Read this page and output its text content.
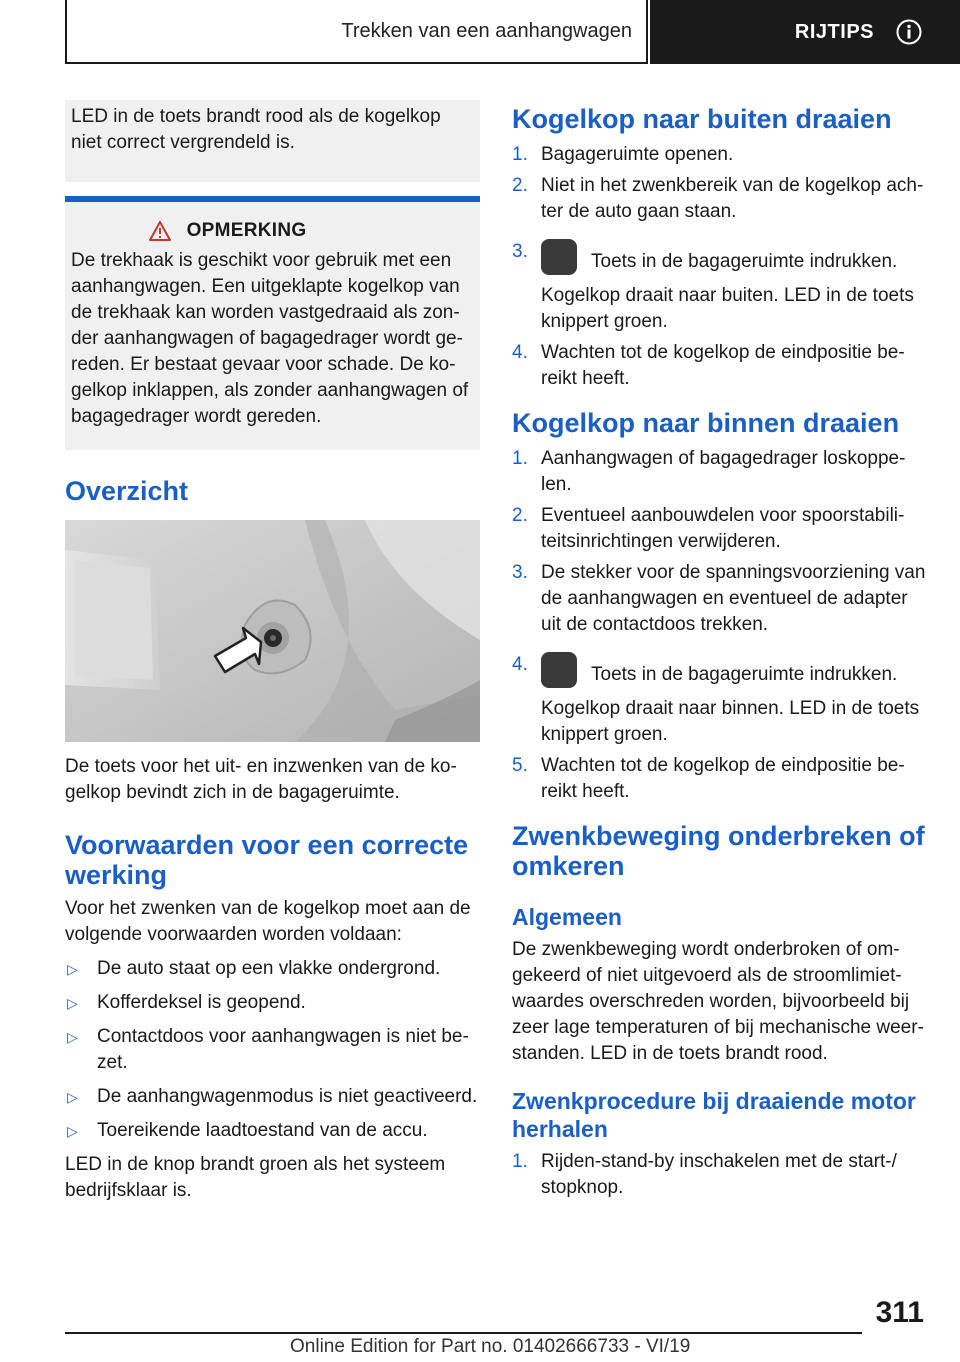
Trekken van een aanhangwagen	RIJTIPS

LED in de toets brandt rood als de kogelkop niet correct vergrendeld is.

OPMERKING

De trekhaak is geschikt voor gebruik met een aanhangwagen. Een uitgeklapte kogelkop van de trekhaak kan worden vastgedraaid als zonder aanhangwagen of bagagedrager wordt gereden. Er bestaat gevaar voor schade. De kogelkop inklappen, als zonder aanhangwagen of bagagedrager wordt gereden.

Overzicht

De toets voor het uit- en inzwenken van de kogelkop bevindt zich in de bagageruimte.

Voorwaarden voor een correcte werking

Voor het zwenken van de kogelkop moet aan de volgende voorwaarden worden voldaan:

▷	De auto staat op een vlakke ondergrond.
▷	Kofferdeksel is geopend.
▷	Contactdoos voor aanhangwagen is niet bezet.
▷	De aanhangwagenmodus is niet geactiveerd.
▷	Toereikende laadtoestand van de accu.

LED in de knop brandt groen als het systeem bedrijfsklaar is.

Kogelkop naar buiten draaien
1. Bagageruimte openen.
2. Niet in het zwenkbereik van de kogelkop achter de auto gaan staan.
3.	Toets in de bagageruimte indrukken.
Kogelkop draait naar buiten. LED in de toets knippert groen.
4. Wachten tot de kogelkop de eindpositie bereikt heeft.
Kogelkop naar binnen draaien
1. Aanhangwagen of bagagedrager loskoppelen.
2. Eventueel aanbouwdelen voor spoorstabiliteitsinrichtingen verwijderen.
3. De stekker voor de spanningsvoorziening van de aanhangwagen en eventueel de adapter uit de contactdoos trekken.
4.	Toets in de bagageruimte indrukken.
Kogelkop draait naar binnen. LED in de toets knippert groen.
5. Wachten tot de kogelkop de eindpositie bereikt heeft.
Zwenkbeweging onderbreken of omkeren
Algemeen

De zwenkbeweging wordt onderbroken of omgekeerd of niet uitgevoerd als de stroomlimietwaardes overschreden worden, bijvoorbeeld bij zeer lage temperaturen of bij mechanische weerstanden. LED in de toets brandt rood.

Zwenkprocedure bij draaiende motor herhalen
1. Rijden-stand-by inschakelen met de start-/ stopknop.
311
Online Edition for Part no. 01402666733 - VI/19
